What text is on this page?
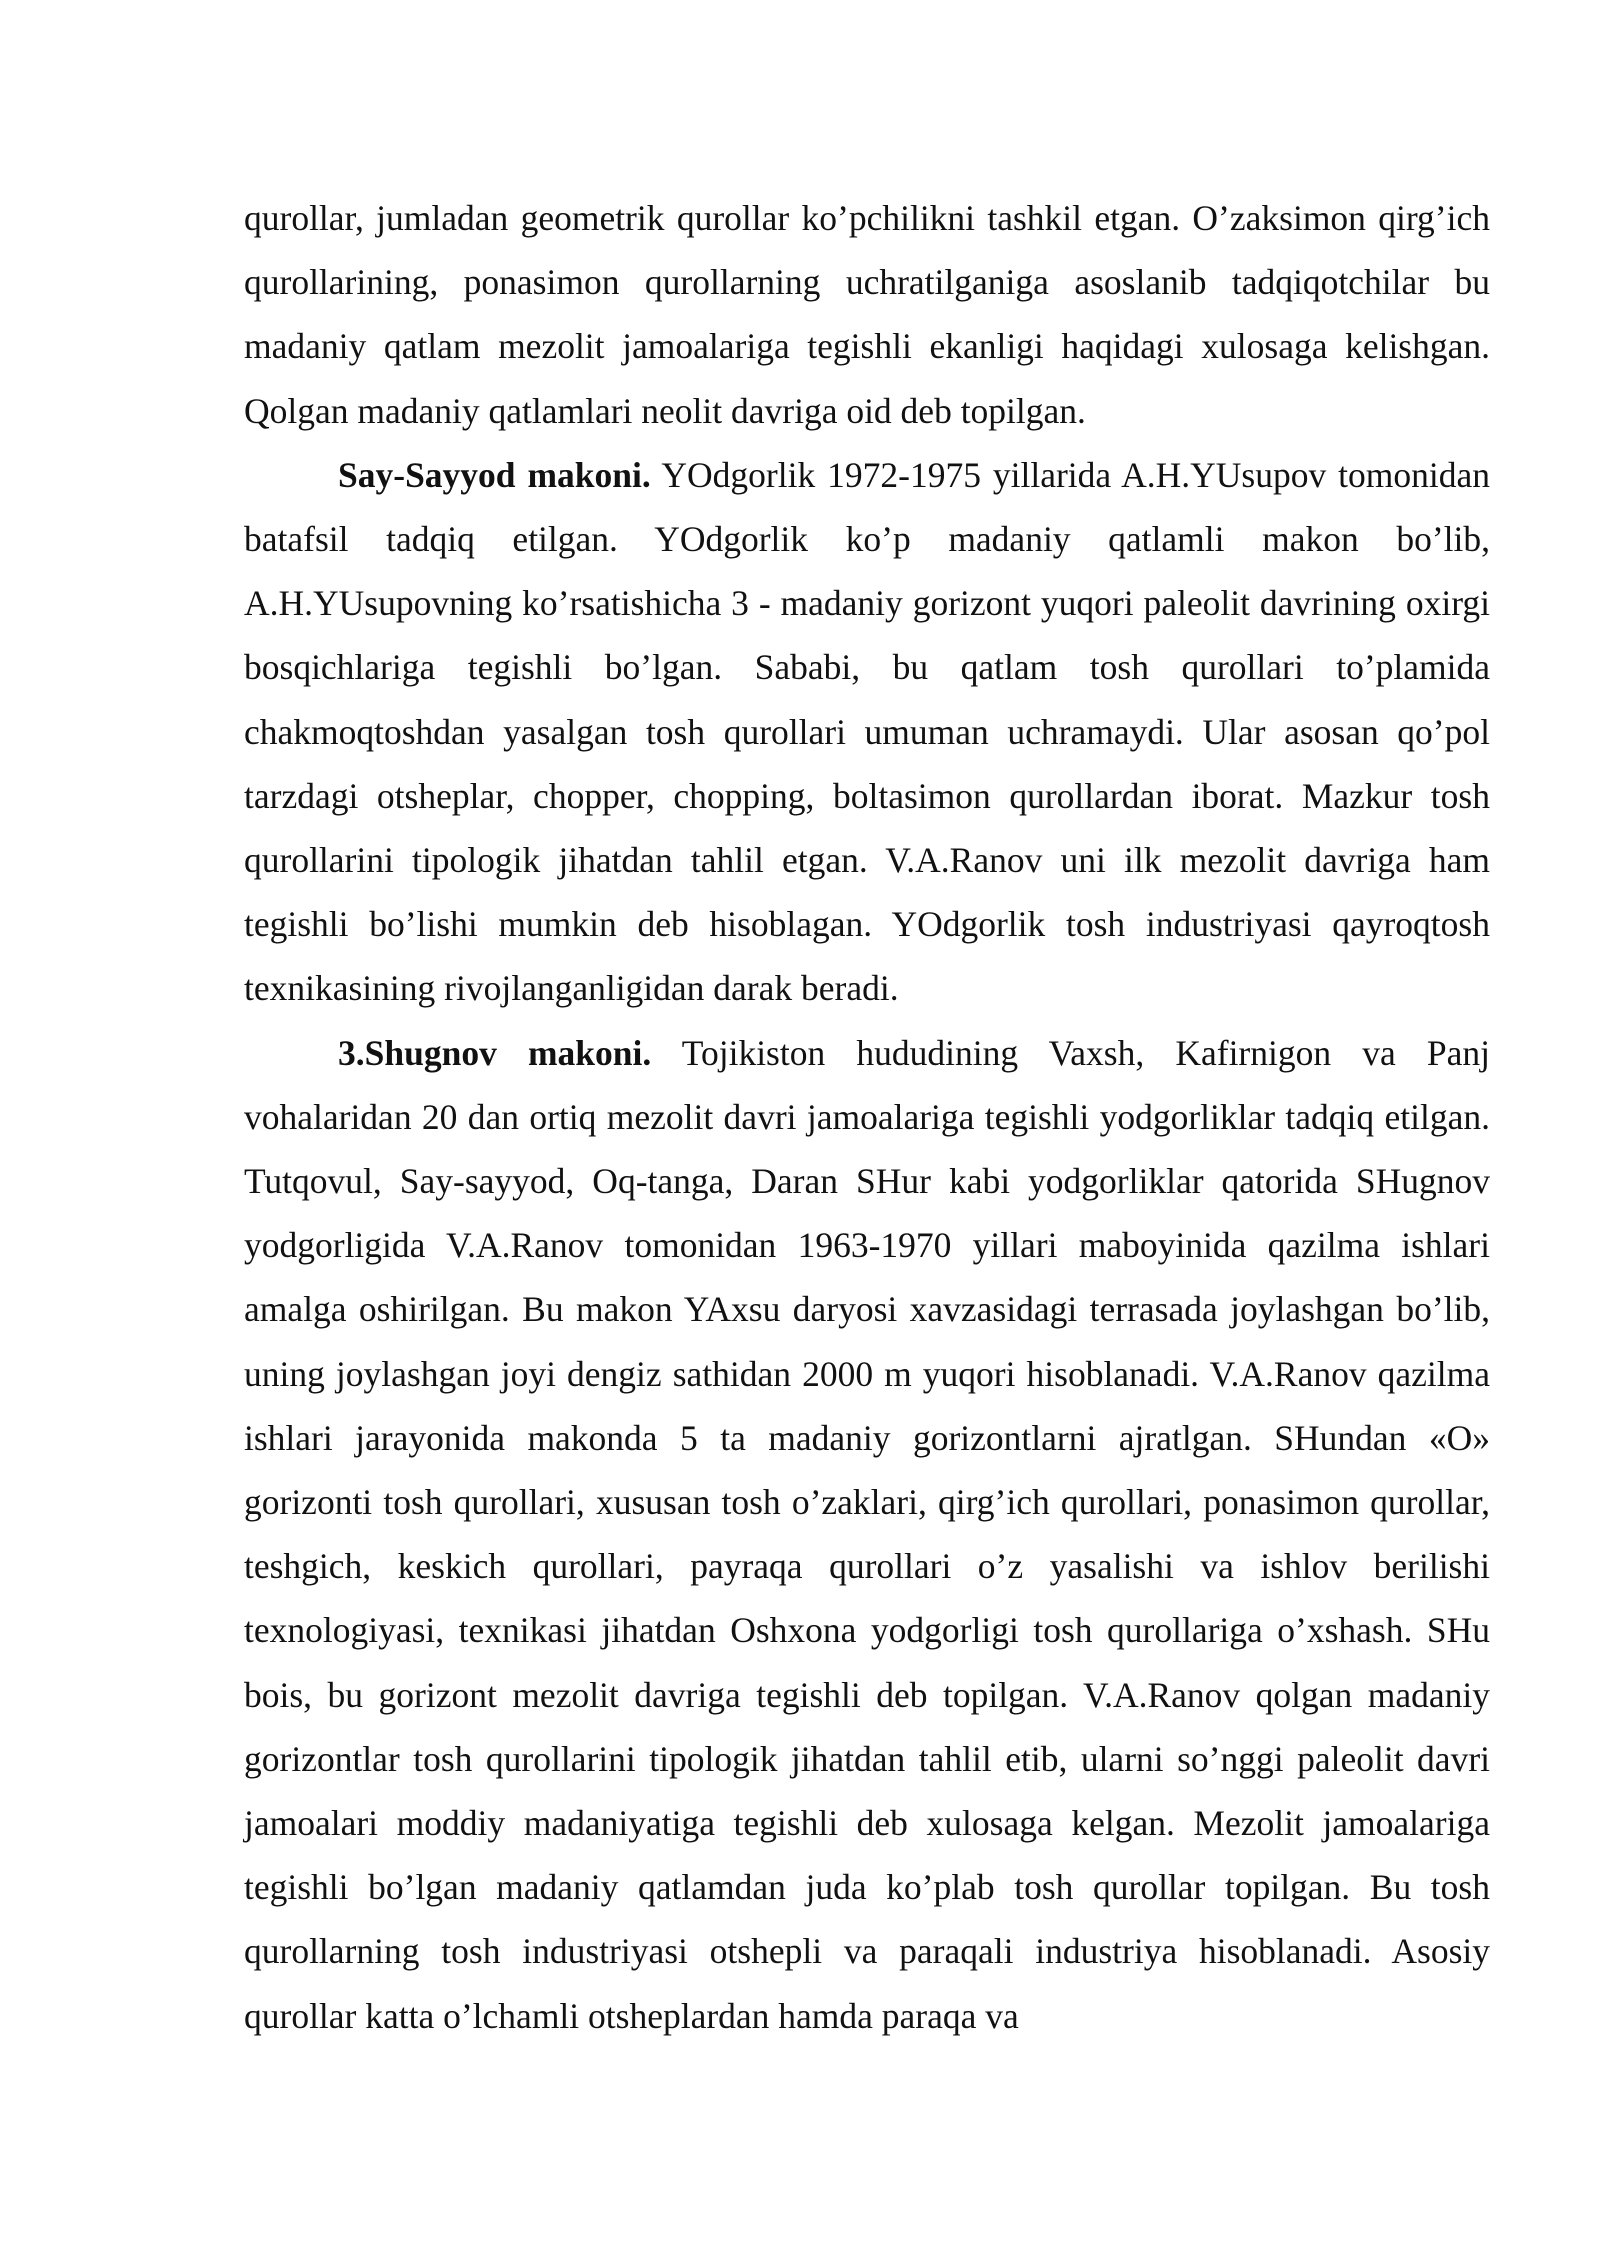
qurollar, jumladan geometrik qurollar ko’pchilikni tashkil etgan. O’zaksimon qirg’ich qurollarining, ponasimon qurollarning uchratilganiga asoslanib tadqiqotchilar bu madaniy qatlam mezolit jamoalariga tegishli ekanligi haqidagi xulosaga kelishgan. Qolgan madaniy qatlamlari neolit davriga oid deb topilgan.

Say-Sayyod makoni. YOdgorlik 1972-1975 yillarida A.H.YUsupov tomonidan batafsil tadqiq etilgan. YOdgorlik ko’p madaniy qatlamli makon bo’lib, A.H.YUsupovning ko’rsatishicha 3 - madaniy gorizont yuqori paleolit davrining oxirgi bosqichlariga tegishli bo’lgan. Sababi, bu qatlam tosh qurollari to’plamida chakmoqtoshdan yasalgan tosh qurollari umuman uchramaydi. Ular asosan qo’pol tarzdagi otsheplar, chopper, chopping, boltasimon qurollardan iborat. Mazkur tosh qurollarini tipologik jihatdan tahlil etgan. V.A.Ranov uni ilk mezolit davriga ham tegishli bo’lishi mumkin deb hisoblagan. YOdgorlik tosh industriyasi qayroqtosh texnikasining rivojlanganligidan darak beradi.

3.Shugnov makoni. Tojikiston hududining Vaxsh, Kafirnigon va Panj vohalaridan 20 dan ortiq mezolit davri jamoalariga tegishli yodgorliklar tadqiq etilgan. Tutqovul, Say-sayyod, Oq-tanga, Daran SHur kabi yodgorliklar qatorida SHugnov yodgorligida V.A.Ranov tomonidan 1963-1970 yillari maboyinida qazilma ishlari amalga oshirilgan. Bu makon YAxsu daryosi xavzasidagi terrasada joylashgan bo’lib, uning joylashgan joyi dengiz sathidan 2000 m yuqori hisoblanadi. V.A.Ranov qazilma ishlari jarayonida makonda 5 ta madaniy gorizontlarni ajratlgan. SHundan «O» gorizonti tosh qurollari, xususan tosh o’zaklari, qirg’ich qurollari, ponasimon qurollar, teshgich, keskich qurollari, payraqa qurollari o’z yasalishi va ishlov berilishi texnologiyasi, texnikasi jihatdan Oshxona yodgorligi tosh qurollariga o’xshash. SHu bois, bu gorizont mezolit davriga tegishli deb topilgan. V.A.Ranov qolgan madaniy gorizontlar tosh qurollarini tipologik jihatdan tahlil etib, ularni so’nggi paleolit davri jamoalari moddiy madaniyatiga tegishli deb xulosaga kelgan. Mezolit jamoalariga tegishli bo’lgan madaniy qatlamdan juda ko’plab tosh qurollar topilgan. Bu tosh qurollarning tosh industriyasi otshepli va paraqali industriya hisoblanadi. Asosiy qurollar katta o’lchamli otsheplardan hamda paraqa va
